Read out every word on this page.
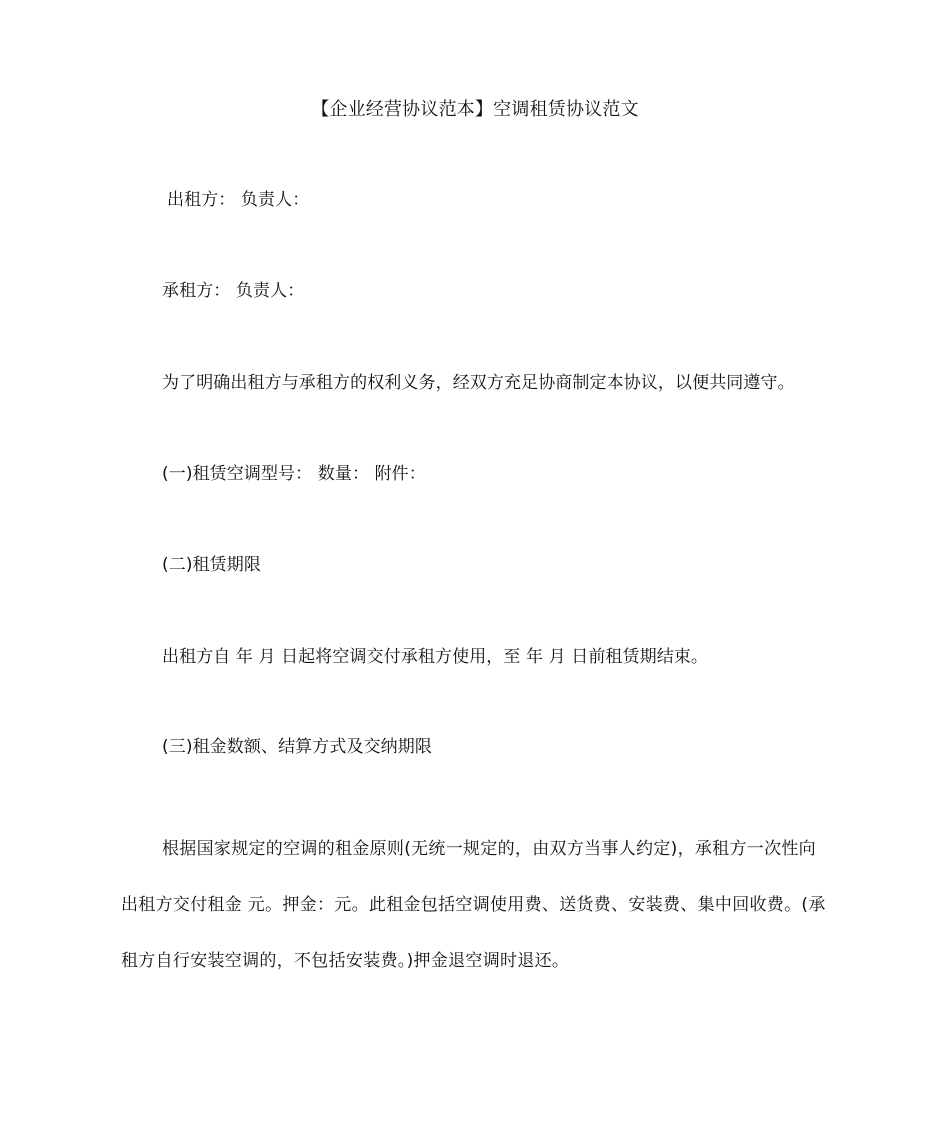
【企业经营协议范本】空调租赁协议范文
出租方： 负责人：
承租方： 负责人：
为了明确出租方与承租方的权利义务，经双方充足协商制定本协议，以便共同遵守。
(一)租赁空调型号： 数量： 附件：
(二)租赁期限
出租方自 年 月 日起将空调交付承租方使用，至 年 月 日前租赁期结束。
(三)租金数额、结算方式及交纳期限
根据国家规定的空调的租金原则(无统一规定的，由双方当事人约定)，承租方一次性向出租方交付租金 元。押金：元。此租金包括空调使用费、送货费、安装费、集中回收费。(承租方自行安装空调的，不包括安装费。)押金退空调时退还。
